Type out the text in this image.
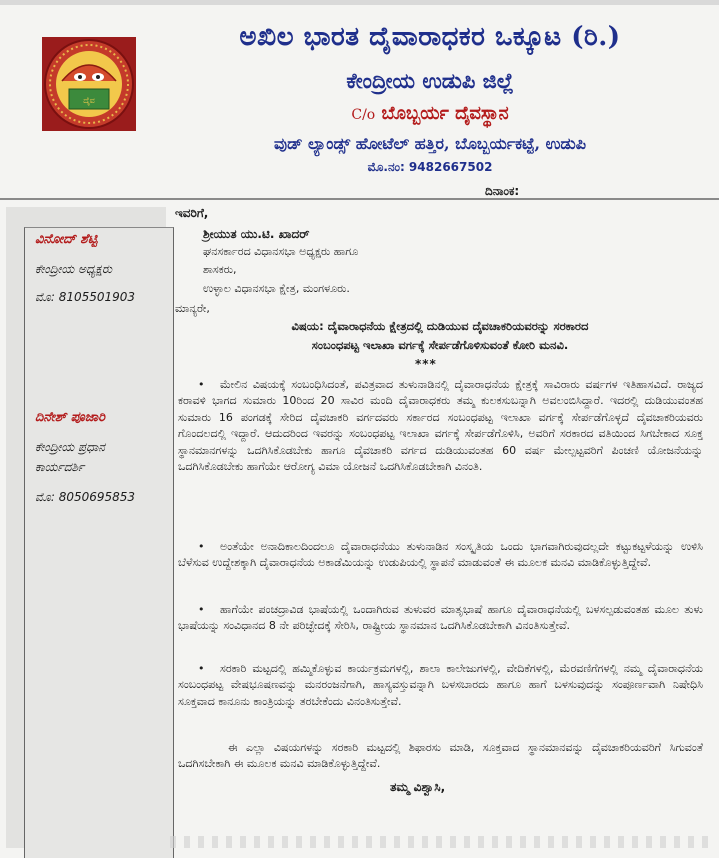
ದೈವ
ಅಖಿಲ ಭಾರತ ದೈವಾರಾಧಕರ ಒಕ್ಕೂಟ (ರಿ.)
ಕೇಂದ್ರೀಯ ಉಡುಪಿ ಜಿಲ್ಲೆ
C/o ಬೊಬ್ಬರ್ಯ ದೈವಸ್ಥಾನ
ವುಡ್ ಲ್ಯಾಂಡ್ಸ್ ಹೋಟೆಲ್ ಹತ್ತಿರ, ಬೊಬ್ಬರ್ಯಕಟ್ಟೆ, ಉಡುಪಿ
ಮೊ.ನಂ: 9482667502
ದಿನಾಂಕ:
ವಿನೋದ್ ಶೆಟ್ಟಿ
ಕೇಂದ್ರೀಯ ಅಧ್ಯಕ್ಷರು
ಮೊ: 8105501903
ದಿನೇಶ್ ಪೂಜಾರಿ
ಕೇಂದ್ರೀಯ ಪ್ರಧಾನ
ಕಾರ್ಯದರ್ಶಿ
ಮೊ: 8050695853
ಇವರಿಗೆ,
ಶ್ರೀಯುತ ಯು.ಟಿ. ಖಾದರ್
ಘನಸರ್ಕಾರದ ವಿಧಾನಸಭಾ ಅಧ್ಯಕ್ಷರು ಹಾಗೂ
ಶಾಸಕರು,
ಉಳ್ಳಾಲ ವಿಧಾನಸಭಾ ಕ್ಷೇತ್ರ, ಮಂಗಳೂರು.
ಮಾನ್ಯರೇ,
ವಿಷಯ: ದೈವಾರಾಧನೆಯ ಕ್ಷೇತ್ರದಲ್ಲಿ ದುಡಿಯುವ ದೈವಚಾಕರಿಯವರನ್ನು ಸರಕಾರದ
ಸಂಬಂಧಪಟ್ಟ ಇಲಾಖಾ ವರ್ಗಕ್ಕೆ ಸೇರ್ಪಡೆಗೊಳಿಸುವಂತೆ ಕೋರಿ ಮನವಿ.
***
• ಮೇಲಿನ ವಿಷಯಕ್ಕೆ ಸಂಬಂಧಿಸಿದಂತೆ, ಪವಿತ್ರವಾದ ತುಳುನಾಡಿನಲ್ಲಿ ದೈವಾರಾಧನೆಯ ಕ್ಷೇತ್ರಕ್ಕೆ ಸಾವಿರಾರು ವರ್ಷಗಳ ಇತಿಹಾಸವಿದೆ. ರಾಜ್ಯದ ಕರಾವಳಿ ಭಾಗದ ಸುಮಾರು 10ರಿಂದ 20 ಸಾವಿರ ಮಂದಿ ದೈವಾರಾಧಕರು ತಮ್ಮ ಕುಲಕಸುಬನ್ನಾಗಿ ಅವಲಂಬಿಸಿದ್ದಾರೆ. ಇದರಲ್ಲಿ ದುಡಿಯುವಂತಹ ಸುಮಾರು 16 ಪಂಗಡಕ್ಕೆ ಸೇರಿದ ದೈವಚಾಕರಿ ವರ್ಗದವರು ಸರ್ಕಾರದ ಸಂಬಂಧಪಟ್ಟ ಇಲಾಖಾ ವರ್ಗಕ್ಕೆ ಸೇರ್ಪಡೆಗೊಳ್ಳದೆ ದೈವಚಾಕರಿಯವರು ಗೊಂದಲದಲ್ಲಿ ಇದ್ದಾರೆ. ಆದುದರಿಂದ ಇವರನ್ನು ಸಂಬಂಧಪಟ್ಟ ಇಲಾಖಾ ವರ್ಗಕ್ಕೆ ಸೇರ್ಪಡೆಗೊಳಿಸಿ, ಅವರಿಗೆ ಸರಕಾರದ ವತಿಯಿಂದ ಸಿಗಬೇಕಾದ ಸೂಕ್ತ ಸ್ಥಾನಮಾನಗಳನ್ನು ಒದಗಿಸಿಕೊಡಬೇಕು ಹಾಗೂ ದೈವಚಾಕರಿ ವರ್ಗದ ದುಡಿಯುವಂತಹ 60 ವರ್ಷ ಮೇಲ್ಪಟ್ಟವರಿಗೆ ಪಿಂಚಣಿ ಯೋಜನೆಯನ್ನು ಒದಗಿಸಿಕೊಡಬೇಕು ಹಾಗೆಯೇ ಆರೋಗ್ಯ ವಿಮಾ ಯೋಜನೆ ಒದಗಿಸಿಕೊಡಬೇಕಾಗಿ ವಿನಂತಿ.
• ಅಂತೆಯೇ ಅನಾದಿಕಾಲದಿಂದಲೂ ದೈವಾರಾಧನೆಯು ತುಳುನಾಡಿನ ಸಂಸ್ಕೃತಿಯ ಒಂದು ಭಾಗವಾಗಿರುವುದಲ್ಲದೇ ಕಟ್ಟುಕಟ್ಟಳೆಯನ್ನು ಉಳಿಸಿ ಬೆಳೆಸುವ ಉದ್ದೇಶಕ್ಕಾಗಿ ದೈವಾರಾಧನೆಯ ಅಕಾಡೆಮಿಯನ್ನು ಉಡುಪಿಯಲ್ಲಿ ಸ್ಥಾಪನೆ ಮಾಡುವಂತೆ ಈ ಮೂಲಕ ಮನವಿ ಮಾಡಿಕೊಳ್ಳುತ್ತಿದ್ದೇವೆ.
• ಹಾಗೆಯೇ ಪಂಚದ್ರಾವಿಡ ಭಾಷೆಯಲ್ಲಿ ಒಂದಾಗಿರುವ ತುಳುವರ ಮಾತೃಭಾಷೆ ಹಾಗೂ ದೈವಾರಾಧನೆಯಲ್ಲಿ ಬಳಸಲ್ಪಡುವಂತಹ ಮೂಲ ತುಳು ಭಾಷೆಯನ್ನು ಸಂವಿಧಾನದ 8 ನೇ ಪರಿಚ್ಛೇದಕ್ಕೆ ಸೇರಿಸಿ, ರಾಷ್ಟ್ರೀಯ ಸ್ಥಾನಮಾನ ಒದಗಿಸಿಕೊಡಬೇಕಾಗಿ ವಿನಂತಿಸುತ್ತೇವೆ.
• ಸರಕಾರಿ ಮಟ್ಟದಲ್ಲಿ ಹಮ್ಮಿಕೊಳ್ಳುವ ಕಾರ್ಯಕ್ರಮಗಳಲ್ಲಿ, ಶಾಲಾ ಕಾಲೇಜುಗಳಲ್ಲಿ, ವೇದಿಕೆಗಳಲ್ಲಿ, ಮೆರವಣಿಗೆಗಳಲ್ಲಿ ನಮ್ಮ ದೈವಾರಾಧನೆಯ ಸಂಬಂಧಪಟ್ಟ ವೇಷಭೂಷಣವನ್ನು ಮನರಂಜನೆಗಾಗಿ, ಹಾಸ್ಯವಸ್ತುವನ್ನಾಗಿ ಬಳಸಬಾರದು ಹಾಗೂ ಹಾಗೆ ಬಳಸುವುದನ್ನು ಸಂಪೂರ್ಣವಾಗಿ ನಿಷೇಧಿಸಿ ಸೂಕ್ತವಾದ ಕಾನೂನು ಕಾಂತ್ರಿಯನ್ನು ತರಬೇಕೆಂದು ವಿನಂತಿಸುತ್ತೇವೆ.
ಈ ಎಲ್ಲಾ ವಿಷಯಗಳನ್ನು ಸರಕಾರಿ ಮಟ್ಟದಲ್ಲಿ ಶಿಫಾರಸು ಮಾಡಿ, ಸೂಕ್ತವಾದ ಸ್ಥಾನಮಾನವನ್ನು ದೈವಚಾಕರಿಯವರಿಗೆ ಸಿಗುವಂತೆ ಒದಗಿಸಬೇಕಾಗಿ ಈ ಮೂಲಕ ಮನವಿ ಮಾಡಿಕೊಳ್ಳುತ್ತಿದ್ದೇವೆ.
ತಮ್ಮ ವಿಶ್ವಾಸಿ,
